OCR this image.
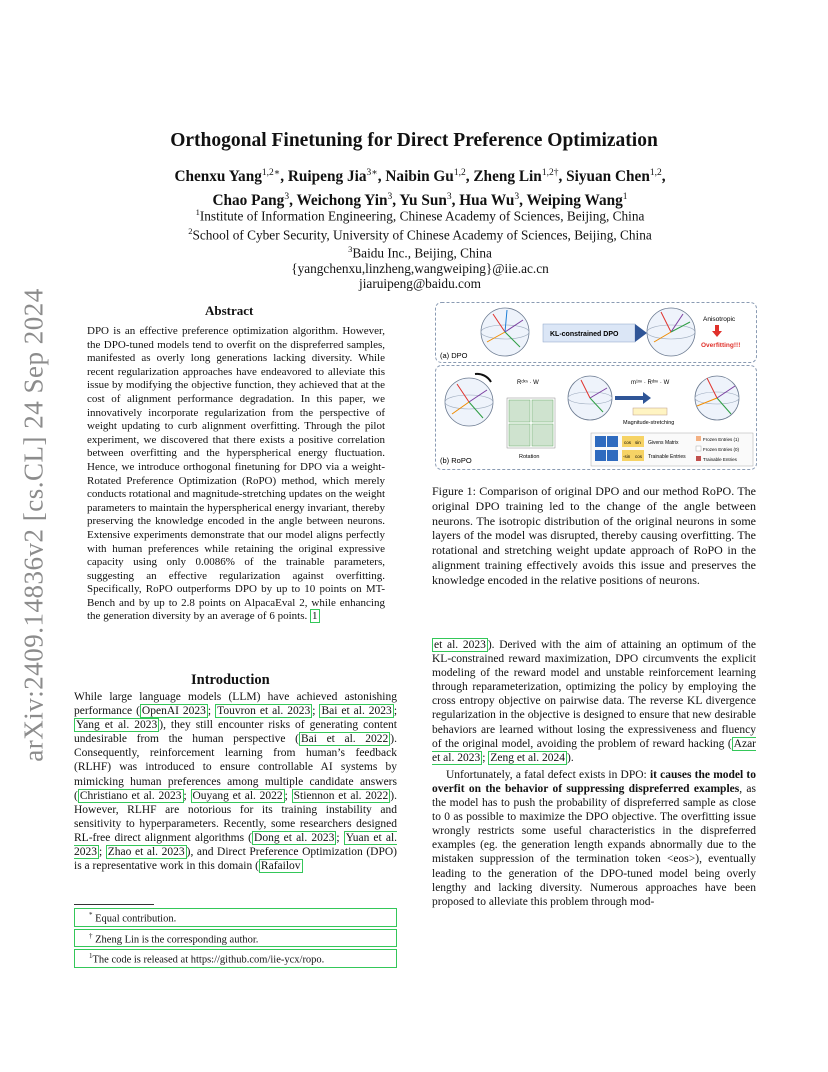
arXiv:2409.14836v2 [cs.CL] 24 Sep 2024
Orthogonal Finetuning for Direct Preference Optimization
Chenxu Yang$^{1,2∗}$, Ruipeng Jia$^{3∗}$, Naibin Gu$^{1,2}$, Zheng Lin$^{1,2\dagger}$, Siyuan Chen$^{1,2}$,
Chao Pang$^3$, Weichong Yin$^3$, Yu Sun$^3$, Hua Wu$^3$, Weiping Wang$^1$
$^1$Institute of Information Engineering, Chinese Academy of Sciences, Beijing, China
$^2$School of Cyber Security, University of Chinese Academy of Sciences, Beijing, China
$^3$Baidu Inc., Beijing, China
{yangchenxu,linzheng,wangweiping}@iie.ac.cn
jiaruipeng@baidu.com
Abstract
DPO is an effective preference optimization algorithm. However, the DPO-tuned models tend to overfit on the dispreferred samples, manifested as overly long generations lacking diversity. While recent regularization approaches have endeavored to alleviate this issue by modifying the objective function, they achieved that at the cost of alignment performance degradation. In this paper, we innovatively incorporate regularization from the perspective of weight updating to curb alignment overfitting. Through the pilot experiment, we discovered that there exists a positive correlation between overfitting and the hyperspherical energy fluctuation. Hence, we introduce orthogonal finetuning for DPO via a weight-Rotated Preference Optimization (RoPO) method, which merely conducts rotational and magnitude-stretching updates on the weight parameters to maintain the hyperspherical energy invariant, thereby preserving the knowledge encoded in the angle between neurons. Extensive experiments demonstrate that our model aligns perfectly with human preferences while retaining the original expressive capacity using only 0.0086% of the trainable parameters, suggesting an effective regularization against overfitting. Specifically, RoPO outperforms DPO by up to 10 points on MT-Bench and by up to 2.8 points on AlpacaEval 2, while enhancing the generation diversity by an average of 6 points. 1
Introduction
While large language models (LLM) have achieved astonishing performance ( OpenAI 2023 ; Touvron et al. 2023 ; Bai et al. 2023 ; Yang et al. 2023 ), they still encounter risks of generating content undesirable from the human perspective ( Bai et al. 2022 ). Consequently, reinforcement learning from human’s feedback (RLHF) was introduced to ensure controllable AI systems by mimicking human preferences among multiple candidate answers ( Christiano et al. 2023 ; Ouyang et al. 2022 ; Stiennon et al. 2022 ). However, RLHF are notorious for its training instability and sensitivity to hyperparameters. Recently, some researchers designed RL-free direct alignment algorithms ( Dong et al. 2023 ; Yuan et al. 2023 ; Zhao et al. 2023 ), and Direct Preference Optimization (DPO) is a representative work in this domain ( Rafailov
* Equal contribution.
† Zheng Lin is the corresponding author.
$^1$The code is released at https://github.com/iie-ycx/ropo.
(a) DPO
(b) RoPO
KL-constrained DPO
Anisotropic
Overfitting!!!
Rotation
Rᵈˣⁿ · W	m¹ˣⁿ · Rᵈˣⁿ · W
Magnitude-stretching
cos sin
-sin cos
Givens Matrix
Trainable Entries
Frozen Entries (1)
Frozen Entries (0)
Trainable Entries
Figure 1: Comparison of original DPO and our method RoPO. The original DPO training led to the change of the angle between neurons. The isotropic distribution of the original neurons in some layers of the model was disrupted, thereby causing overfitting. The rotational and stretching weight update approach of RoPO in the alignment training effectively avoids this issue and preserves the knowledge encoded in the relative positions of neurons.

et al. 2023 ). Derived with the aim of attaining an optimum of the KL-constrained reward maximization, DPO circumvents the explicit modeling of the reward model and unstable reinforcement learning through reparameterization, optimizing the policy by employing the cross entropy objective on pairwise data. The reverse KL divergence regularization in the objective is designed to ensure that new desirable behaviors are learned without losing the expressiveness and fluency of the original model, avoiding the problem of reward hacking ( Azar et al. 2023 ; Zeng et al. 2024 ).

Unfortunately, a fatal defect exists in DPO: it causes the model to overfit on the behavior of suppressing dispreferred examples, as the model has to push the probability of dispreferred sample as close to 0 as possible to maximize the DPO objective. The overfitting issue wrongly restricts some useful characteristics in the dispreferred examples (eg. the generation length expands abnormally due to the mistaken suppression of the termination token <eos>), eventually leading to the generation of the DPO-tuned model being overly lengthy and lacking diversity. Numerous approaches have been proposed to alleviate this problem through mod-
